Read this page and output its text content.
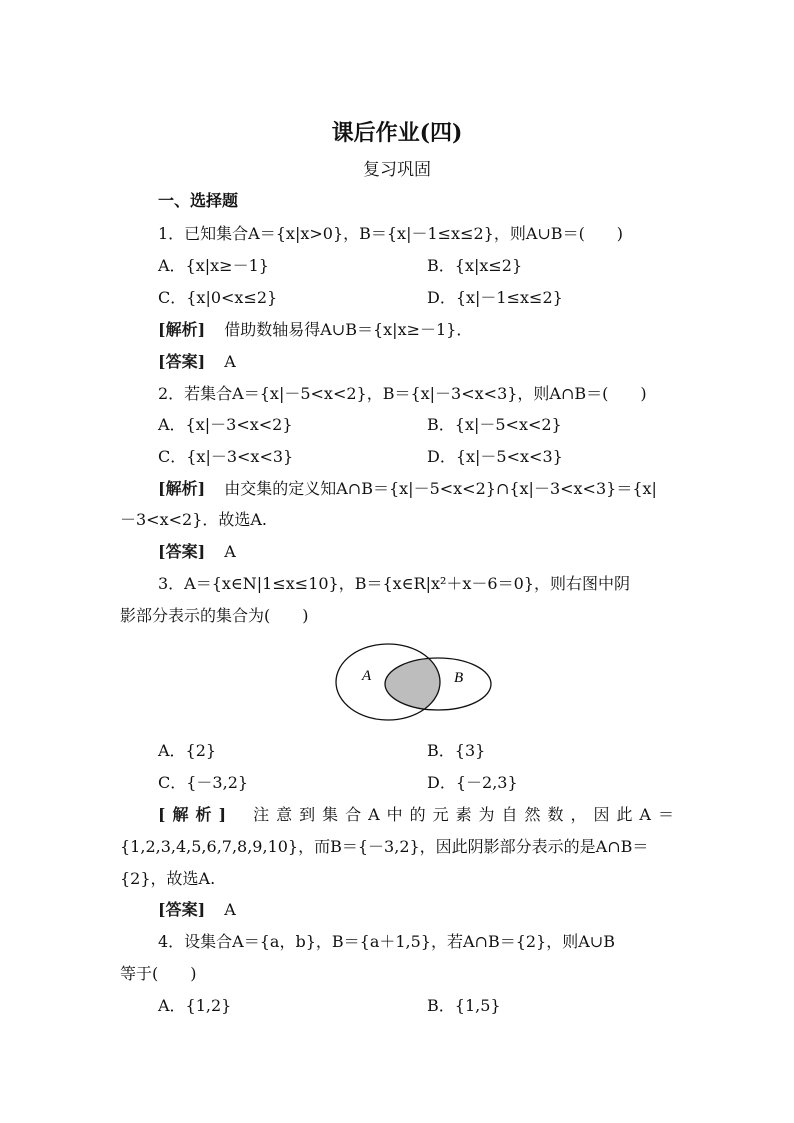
课后作业(四)
复习巩固
一、选择题
1．已知集合A＝{x|x>0}，B＝{x|－1≤x≤2}，则A∪B＝(　　)
A．{x|x≥－1}	B．{x|x≤2}
C．{x|0<x≤2}	D．{x|－1≤x≤2}
[解析] 借助数轴易得A∪B＝{x|x≥－1}．
[答案] A
2．若集合A＝{x|－5<x<2}，B＝{x|－3<x<3}，则A∩B＝(　　)
A．{x|－3<x<2}	B．{x|－5<x<2}
C．{x|－3<x<3}	D．{x|－5<x<3}
[解析] 由交集的定义知A∩B＝{x|－5<x<2}∩{x|－3<x<3}＝{x|
－3<x<2}．故选A.
[答案] A
3．A＝{x∈N|1≤x≤10}，B＝{x∈R|x²＋x－6＝0}，则右图中阴
影部分表示的集合为(　　)
A	B
A．{2}	B．{3}
C．{－3,2}	D．{－2,3}
[解析] 注意到集合A中的元素为自然数，因此A＝
{1,2,3,4,5,6,7,8,9,10}，而B＝{－3,2}，因此阴影部分表示的是A∩B＝
{2}，故选A.
[答案] A
4．设集合A＝{a，b}，B＝{a＋1,5}，若A∩B＝{2}，则A∪B
等于(　　)
A．{1,2}	B．{1,5}
